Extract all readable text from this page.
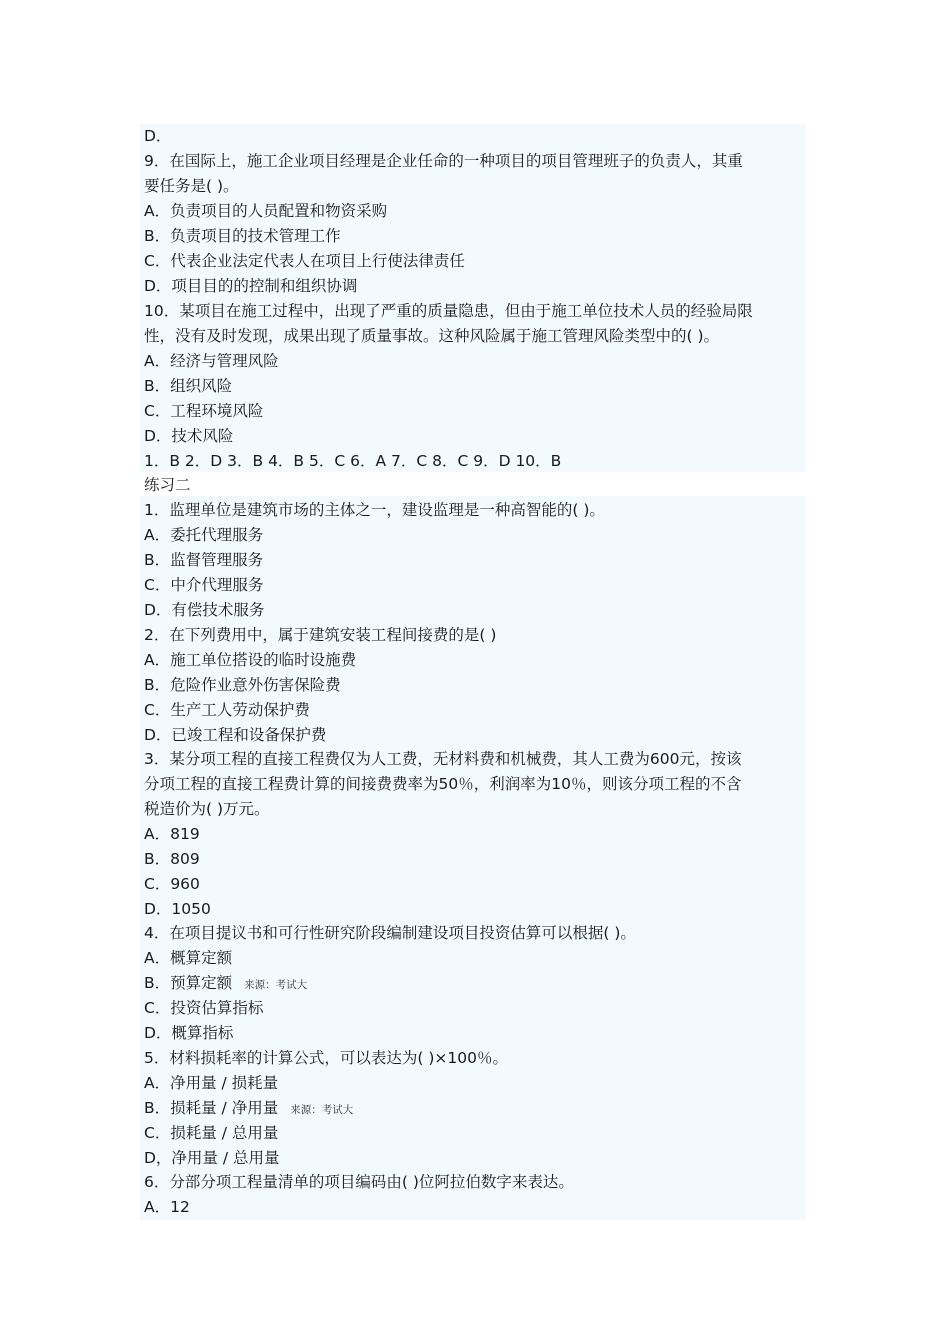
D．
9．在国际上，施工企业项目经理是企业任命的一种项目的项目管理班子的负责人，其重
要任务是( )。
A．负责项目的人员配置和物资采购
B．负责项目的技术管理工作
C．代表企业法定代表人在项目上行使法律责任
D．项目目的的控制和组织协调
10．某项目在施工过程中，出现了严重的质量隐患，但由于施工单位技术人员的经验局限
性，没有及时发现，成果出现了质量事故。这种风险属于施工管理风险类型中的( )。
A．经济与管理风险
B．组织风险
C．工程环境风险
D．技术风险
1．B 2．D 3．B 4．B 5．C 6．A 7．C 8．C 9．D 10．B
练习二
1．监理单位是建筑市场的主体之一，建设监理是一种高智能的( )。
A．委托代理服务
B．监督管理服务
C．中介代理服务
D．有偿技术服务
2．在下列费用中，属于建筑安装工程间接费的是( )
A．施工单位搭设的临时设施费
B．危险作业意外伤害保险费
C．生产工人劳动保护费
D．已竣工程和设备保护费
3．某分项工程的直接工程费仅为人工费，无材料费和机械费，其人工费为600元，按该
分项工程的直接工程费计算的间接费费率为50％，利润率为10％，则该分项工程的不含
税造价为( )万元。
A．819
B．809
C．960
D．1050
4．在项目提议书和可行性研究阶段编制建设项目投资估算可以根据( )。
A．概算定额
B．预算定额 来源：考试大
C．投资估算指标
D．概算指标
5．材料损耗率的计算公式，可以表达为( )×100％。
A．净用量 / 损耗量
B．损耗量 / 净用量 来源：考试大
C．损耗量 / 总用量
D，净用量 / 总用量
6．分部分项工程量清单的项目编码由( )位阿拉伯数字来表达。
A．12
